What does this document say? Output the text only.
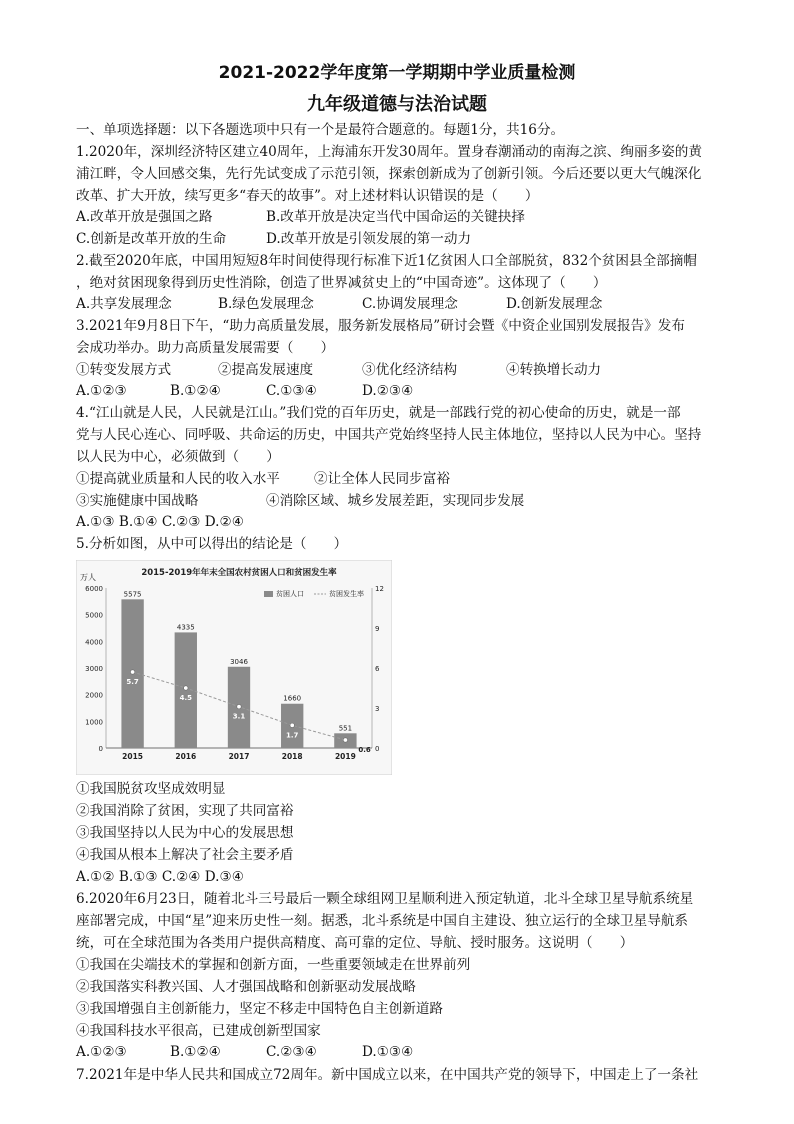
2021-2022学年度第一学期期中学业质量检测
九年级道德与法治试题
一、单项选择题：以下各题选项中只有一个是最符合题意的。每题1分，共16分。
1.2020年，深圳经济特区建立40周年，上海浦东开发30周年。置身春潮涌动的南海之滨、绚丽多姿的黄
浦江畔，令人回感交集，先行先试变成了示范引领，探索创新成为了创新引领。今后还要以更大气魄深化
改革、扩大开放，续写更多“春天的故事”。对上述材料认识错误的是（　　）
A.改革开放是强国之路	B.改革开放是决定当代中国命运的关键抉择
C.创新是改革开放的生命	D.改革开放是引领发展的第一动力
2.截至2020年底，中国用短短8年时间使得现行标准下近1亿贫困人口全部脱贫，832个贫困县全部摘帽
，绝对贫困现象得到历史性消除，创造了世界减贫史上的“中国奇迹”。这体现了（　　）
A.共享发展理念	B.绿色发展理念	C.协调发展理念	D.创新发展理念
3.2021年9月8日下午，“助力高质量发展，服务新发展格局”研讨会暨《中资企业国别发展报告》发布
会成功举办。助力高质量发展需要（　　）
①转变发展方式	②提高发展速度	③优化经济结构	④转换增长动力
A.①②③	B.①②④	C.①③④	D.②③④
4.“江山就是人民，人民就是江山。”我们党的百年历史，就是一部践行党的初心使命的历史，就是一部
党与人民心连心、同呼吸、共命运的历史，中国共产党始终坚持人民主体地位，坚持以人民为中心。坚持
以人民为中心，必须做到（　　）
①提高就业质量和人民的收入水平	②让全体人民同步富裕
③实施健康中国战略	④消除区域、城乡发展差距，实现同步发展
A.①③ B.①④ C.②③ D.②④
5.分析如图，从中可以得出的结论是（　　）
2015-2019年年末全国农村贫困人口和贫困发生率
万人
0
1000
2000
3000
4000
5000
6000
0
3
6
9
12
5575
2015
4335
2016
3046
2017
1660
2018
551
2019
5.7
4.5
3.1
1.7
0.6
贫困人口	贫困发生率
①我国脱贫攻坚成效明显
②我国消除了贫困，实现了共同富裕
③我国坚持以人民为中心的发展思想
④我国从根本上解决了社会主要矛盾
A.①② B.①③ C.②④ D.③④
6.2020年6月23日，随着北斗三号最后一颗全球组网卫星顺利进入预定轨道，北斗全球卫星导航系统星
座部署完成，中国“星”迎来历史性一刻。据悉，北斗系统是中国自主建设、独立运行的全球卫星导航系
统，可在全球范围为各类用户提供高精度、高可靠的定位、导航、授时服务。这说明（　　）
①我国在尖端技术的掌握和创新方面，一些重要领域走在世界前列
②我国落实科教兴国、人才强国战略和创新驱动发展战略
③我国增强自主创新能力，坚定不移走中国特色自主创新道路
④我国科技水平很高，已建成创新型国家
A.①②③	B.①②④	C.②③④	D.①③④
7.2021年是中华人民共和国成立72周年。新中国成立以来，在中国共产党的领导下，中国走上了一条社
